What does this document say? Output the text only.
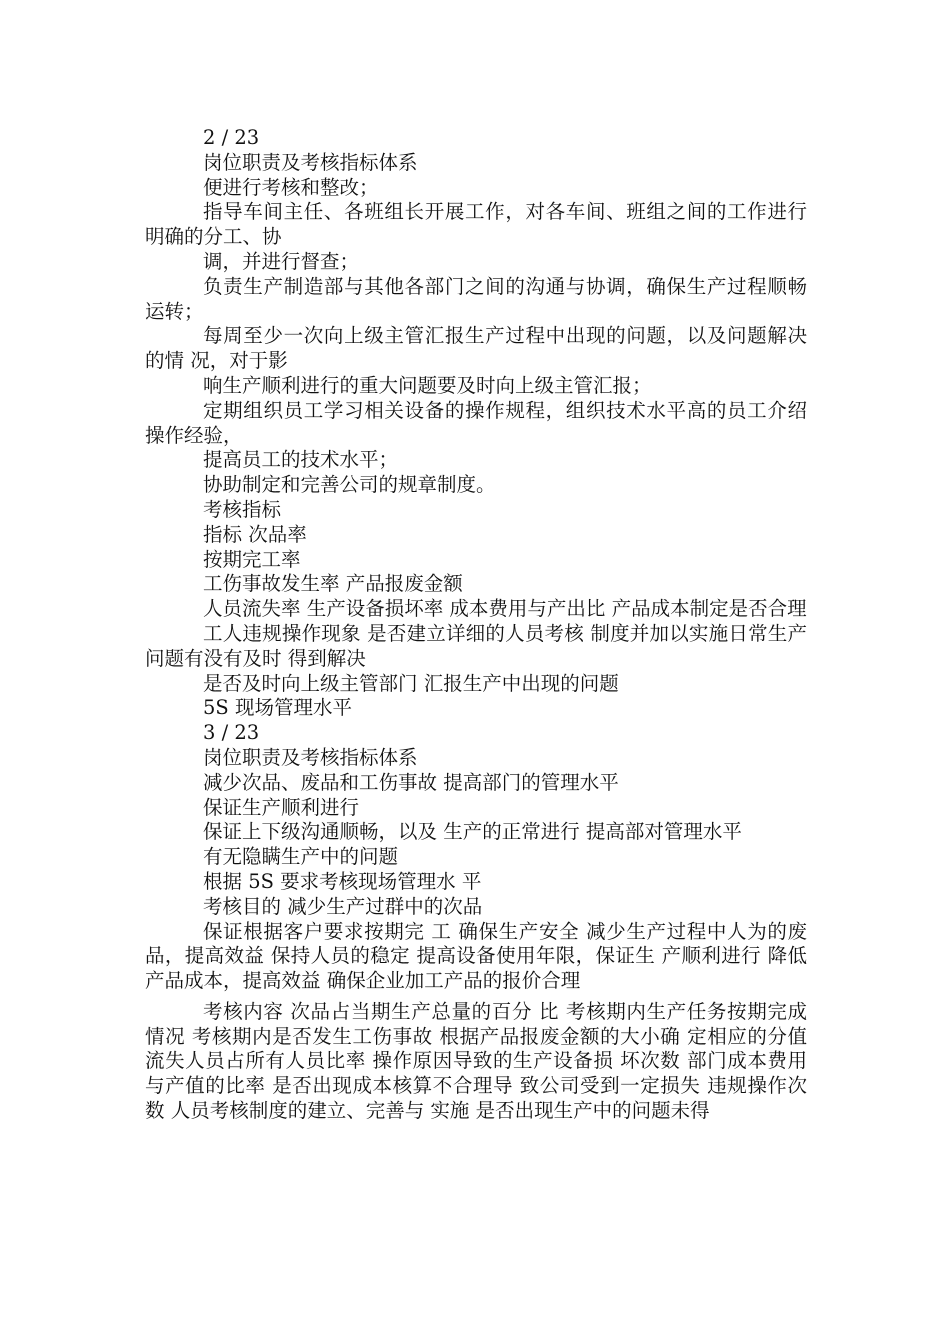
2 / 23

岗位职责及考核指标体系

便进行考核和整改；

指导车间主任、各班组长开展工作，对各车间、班组之间的工作进行明确的分工、协

调，并进行督查；

负责生产制造部与其他各部门之间的沟通与协调，确保生产过程顺畅运转；

每周至少一次向上级主管汇报生产过程中出现的问题，以及问题解决的情 况，对于影

响生产顺利进行的重大问题要及时向上级主管汇报；

定期组织员工学习相关设备的操作规程，组织技术水平高的员工介绍操作经验，

提高员工的技术水平；

协助制定和完善公司的规章制度。

考核指标

指标 次品率

按期完工率

工伤事故发生率 产品报废金额

人员流失率 生产设备损坏率 成本费用与产出比 产品成本制定是否合理

工人违规操作现象 是否建立详细的人员考核 制度并加以实施日常生产问题有没有及时 得到解决

是否及时向上级主管部门 汇报生产中出现的问题

5S 现场管理水平

3 / 23

岗位职责及考核指标体系

减少次品、废品和工伤事故 提高部门的管理水平

保证生产顺利进行

保证上下级沟通顺畅，以及 生产的正常进行 提高部对管理水平

有无隐瞒生产中的问题

根据 5S 要求考核现场管理水 平

考核目的 减少生产过群中的次品

保证根据客户要求按期完 工 确保生产安全 减少生产过程中人为的废 品，提高效益 保持人员的稳定 提高设备使用年限，保证生 产顺利进行 降低产品成本，提高效益 确保企业加工产品的报价合理

考核内容 次品占当期生产总量的百分 比 考核期内生产任务按期完成 情况 考核期内是否发生工伤事故 根据产品报废金额的大小确 定相应的分值 流失人员占所有人员比率 操作原因导致的生产设备损 坏次数 部门成本费用与产值的比率 是否出现成本核算不合理导 致公司受到一定损失 违规操作次数 人员考核制度的建立、完善与 实施 是否出现生产中的问题未得
